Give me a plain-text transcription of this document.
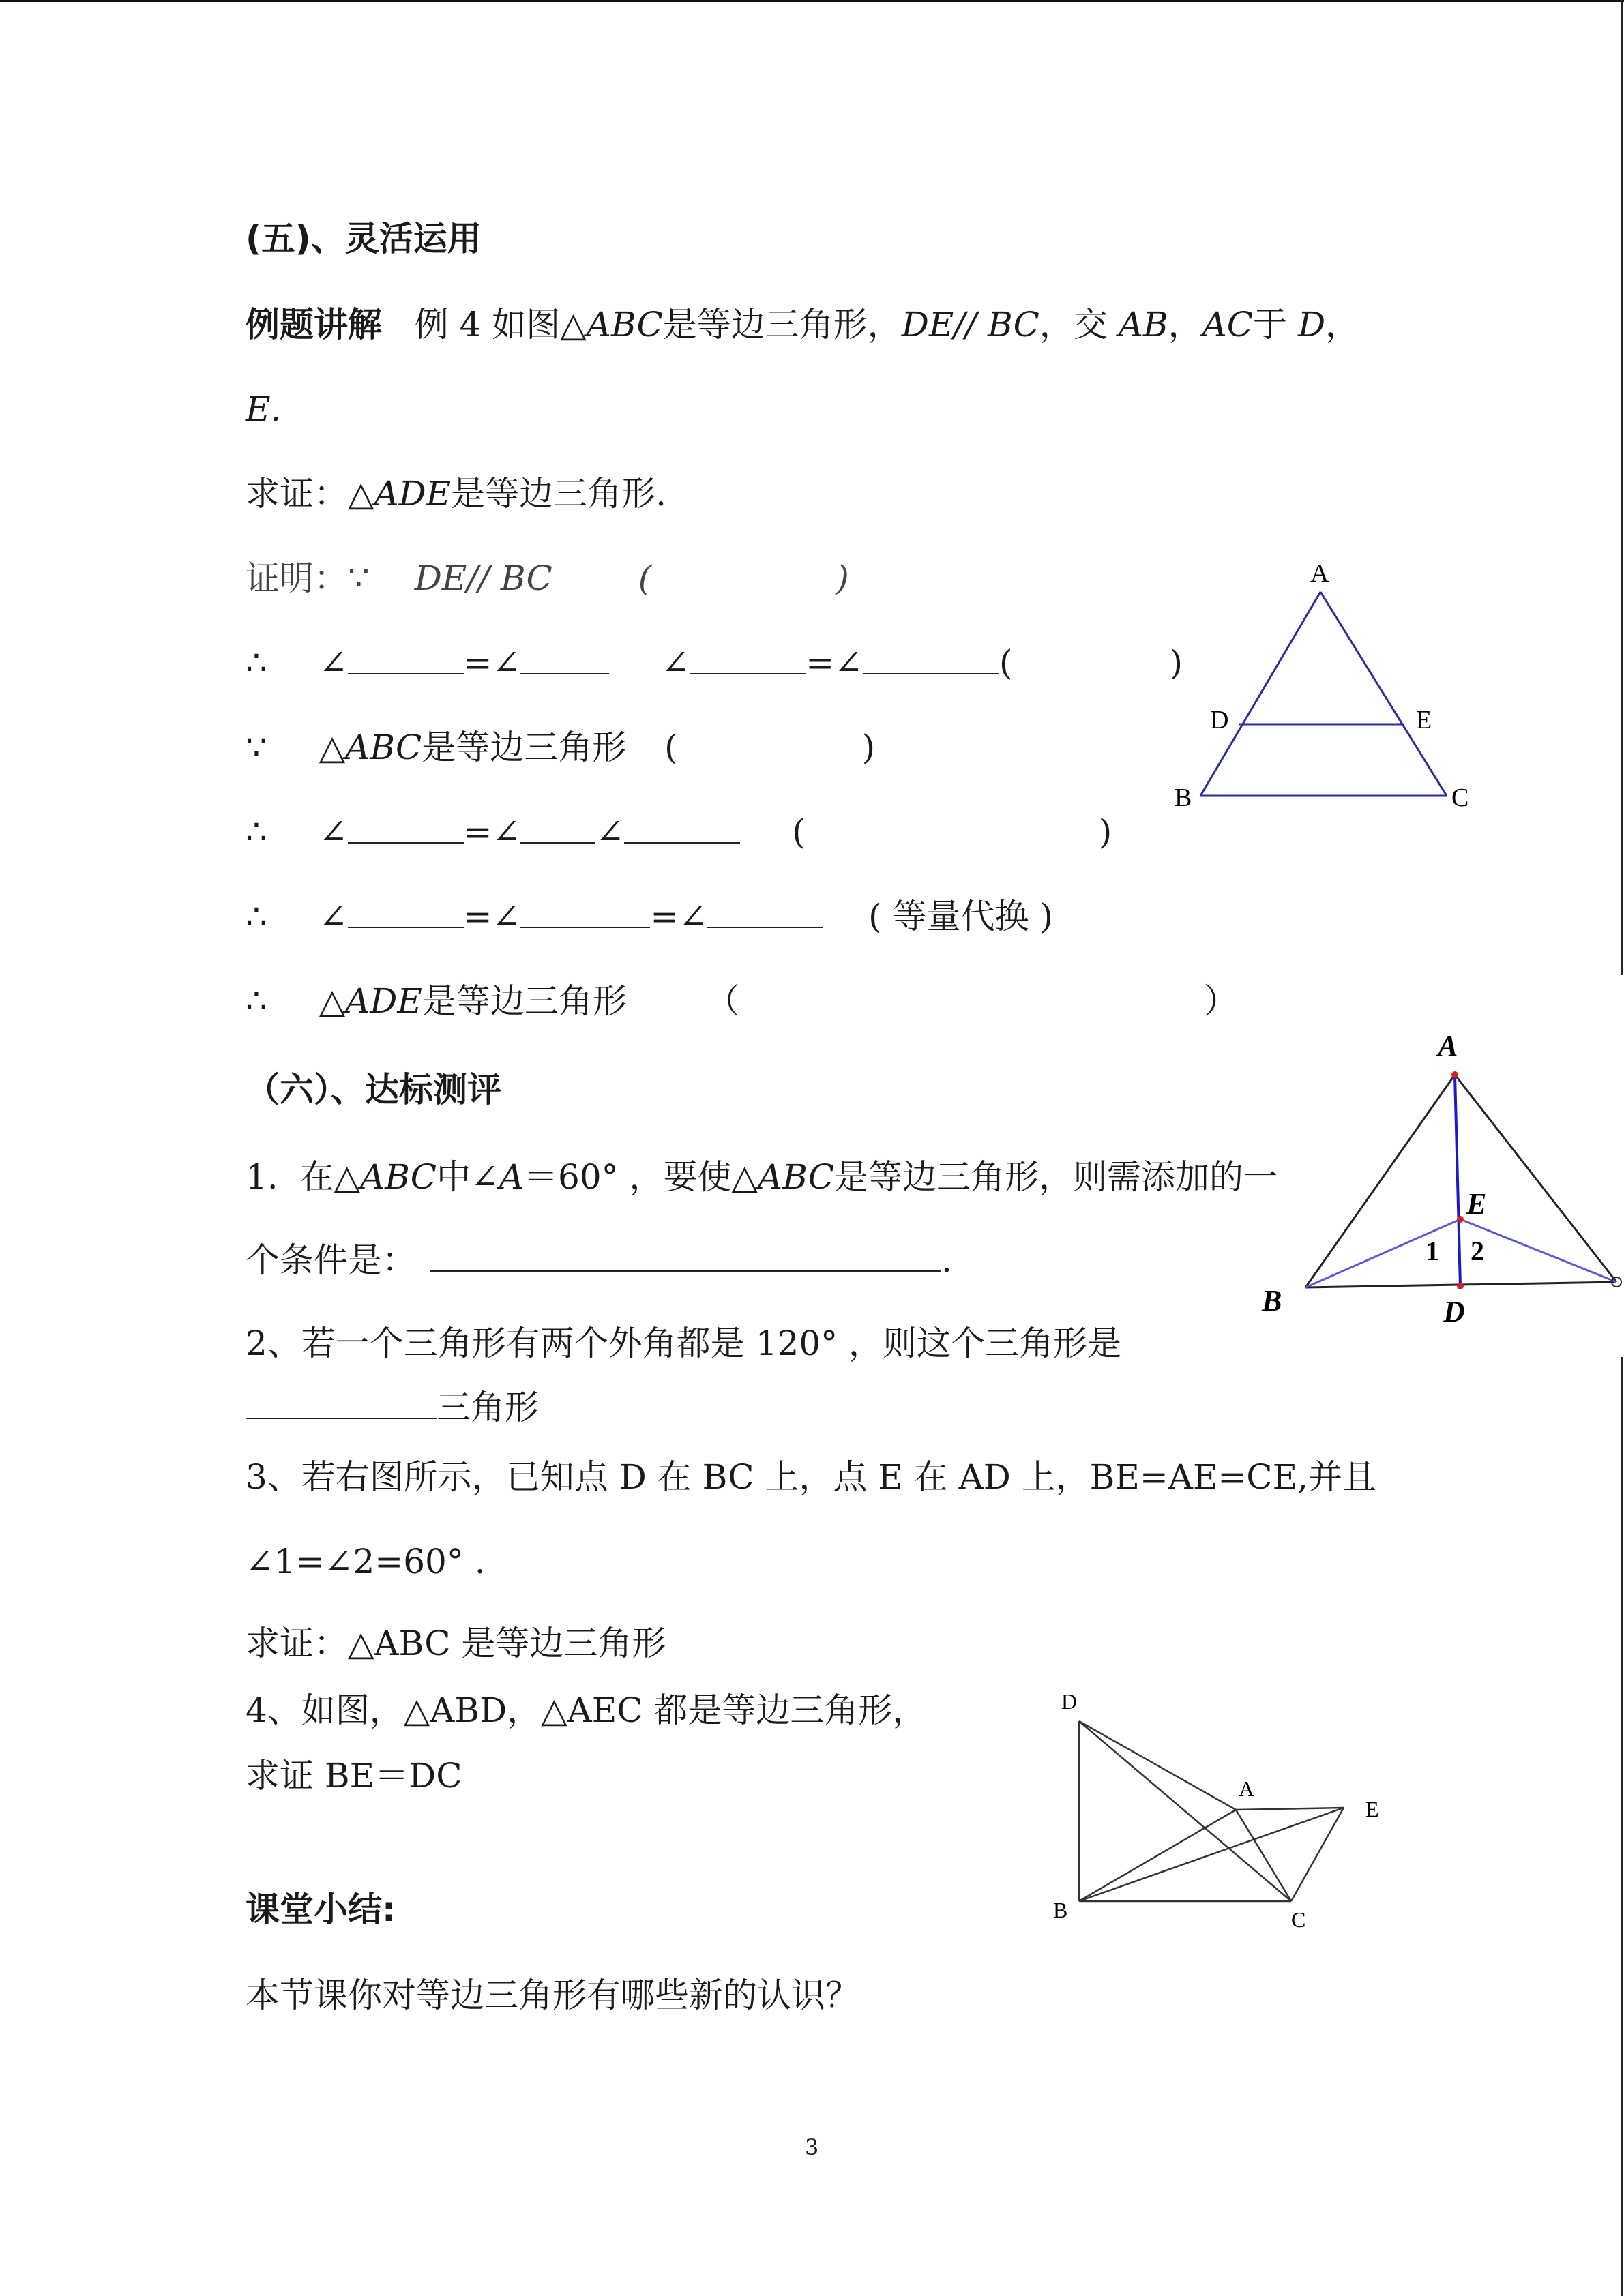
(五)、灵活运用
例题讲解 例 4 如图△ABC是等边三角形，DE// BC，交 AB，AC于 D，
E.
求证：△ADE是等边三角形.
证明：∵ DE// BC	(	)
∴ ∠	=∠	∠	=∠	(	)
∵ △ABC是等边三角形 (	)
∴ ∠	=∠ ∠	(	)
∴ ∠	=∠	=∠	( 等量代换 )
∴ △ADE是等边三角形 （	）
A
B	C
D	E
（六）、达标测评
1. 在△ABC中∠A＝60° ，要使△ABC是等边三角形，则需添加的一
个条件是：	.
A
E
B	D
1 2
2、若一个三角形有两个外角都是 120° ，则这个三角形是
三角形
3、若右图所示，已知点 D 在 BC 上，点 E 在 AD 上，BE=AE=CE,并且
∠1=∠2=60° .
求证：△ABC 是等边三角形
4、如图，△ABD，△AEC 都是等边三角形，
求证 BE＝DC
D
A
E
B	C
课堂小结:
本节课你对等边三角形有哪些新的认识？
3
